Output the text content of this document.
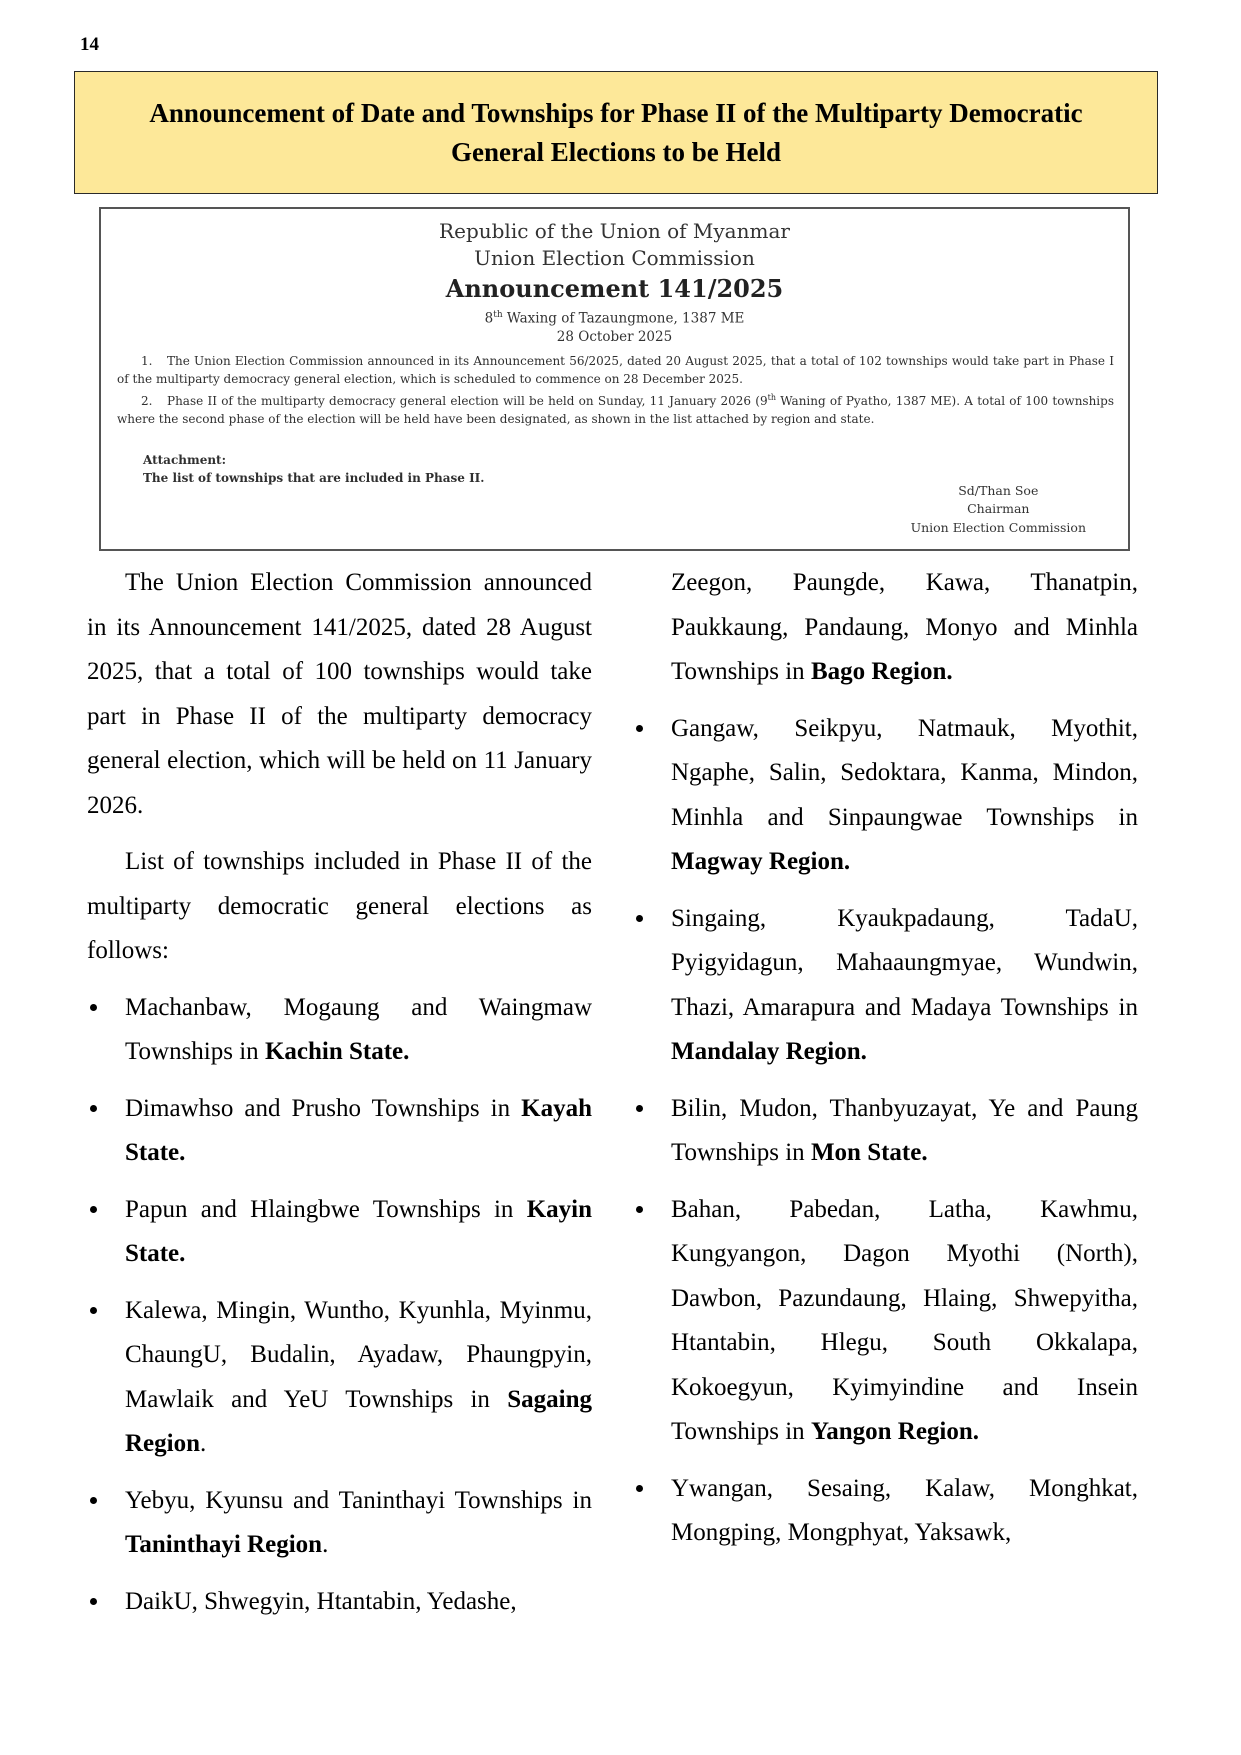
14
Announcement of Date and Townships for Phase II of the Multiparty Democratic General Elections to be Held
Republic of the Union of Myanmar
Union Election Commission
Announcement 141/2025
8th Waxing of Tazaungmone, 1387 ME
28 October 2025

1. The Union Election Commission announced in its Announcement 56/2025, dated 20 August 2025, that a total of 102 townships would take part in Phase I of the multiparty democracy general election, which is scheduled to commence on 28 December 2025.

2. Phase II of the multiparty democracy general election will be held on Sunday, 11 January 2026 (9th Waning of Pyatho, 1387 ME). A total of 100 townships where the second phase of the election will be held have been designated, as shown in the list attached by region and state.

Attachment:
The list of townships that are included in Phase II.
Sd/Than Soe
Chairman
Union Election Commission

The Union Election Commission announced in its Announcement 141/2025, dated 28 August 2025, that a total of 100 townships would take part in Phase II of the multiparty democracy general election, which will be held on 11 January 2026.

List of townships included in Phase II of the multiparty democratic general elections as follows:

Machanbaw, Mogaung and Waingmaw Townships in Kachin State.
Dimawhso and Prusho Townships in Kayah State.
Papun and Hlaingbwe Townships in Kayin State.
Kalewa, Mingin, Wuntho, Kyunhla, Myinmu, ChaungU, Budalin, Ayadaw, Phaungpyin, Mawlaik and YeU Townships in Sagaing Region.
Yebyu, Kyunsu and Taninthayi Townships in Taninthayi Region.
DaikU, Shwegyin, Htantabin, Yedashe,

Zeegon, Paungde, Kawa, Thanatpin, Paukkaung, Pandaung, Monyo and Minhla Townships in Bago Region.

Gangaw, Seikpyu, Natmauk, Myothit, Ngaphe, Salin, Sedoktara, Kanma, Mindon, Minhla and Sinpaungwae Townships in Magway Region.
Singaing, Kyaukpadaung, TadaU, Pyigyidagun, Mahaaungmyae, Wundwin, Thazi, Amarapura and Madaya Townships in Mandalay Region.
Bilin, Mudon, Thanbyuzayat, Ye and Paung Townships in Mon State.
Bahan, Pabedan, Latha, Kawhmu, Kungyangon, Dagon Myothi (North), Dawbon, Pazundaung, Hlaing, Shwepyitha, Htantabin, Hlegu, South Okkalapa, Kokoegyun, Kyimyindine and Insein Townships in Yangon Region.
Ywangan, Sesaing, Kalaw, Monghkat, Mongping, Mongphyat, Yaksawk,
